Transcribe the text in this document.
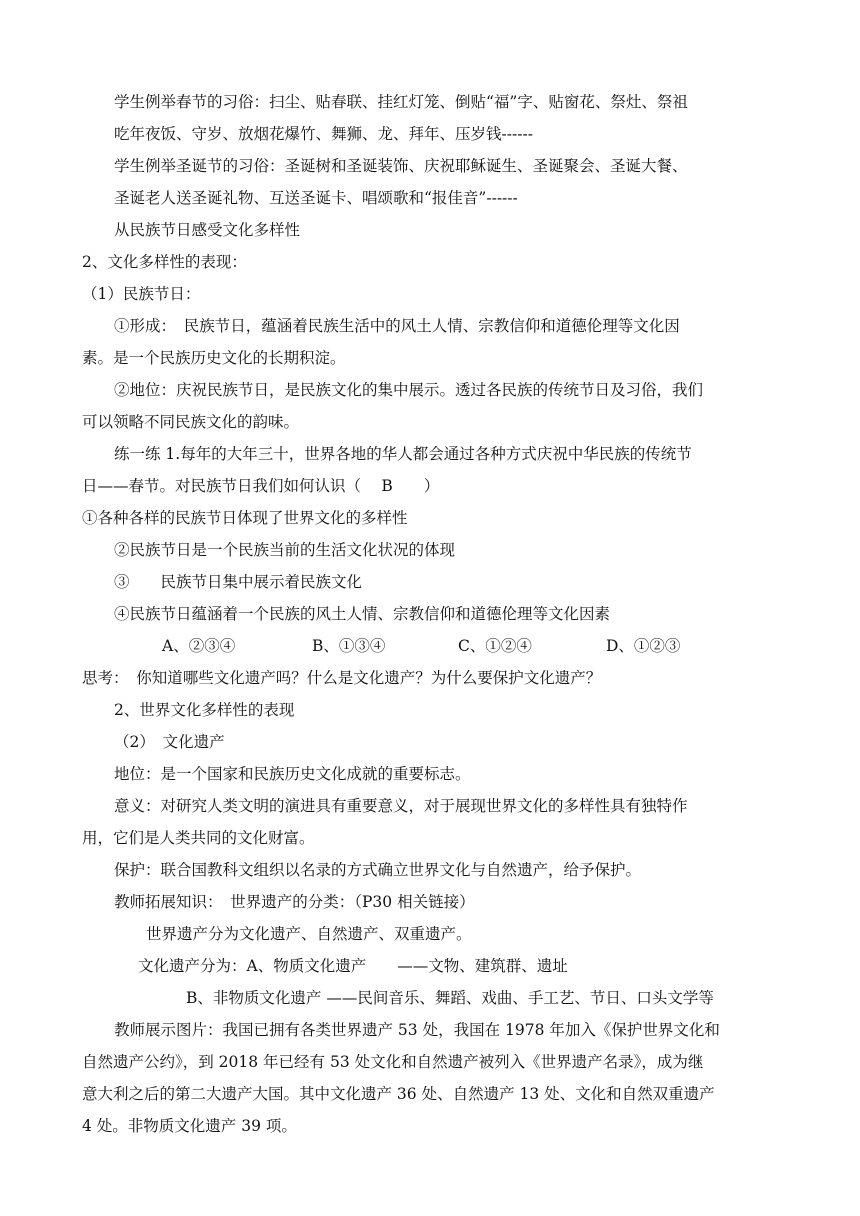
学生例举春节的习俗：扫尘、贴春联、挂红灯笼、倒贴“福”字、贴窗花、祭灶、祭祖
吃年夜饭、守岁、放烟花爆竹、舞狮、龙、拜年、压岁钱------
学生例举圣诞节的习俗：圣诞树和圣诞装饰、庆祝耶稣诞生、圣诞聚会、圣诞大餐、
圣诞老人送圣诞礼物、互送圣诞卡、唱颂歌和“报佳音”------
从民族节日感受文化多样性
2、文化多样性的表现：
（1）民族节日：
①形成：　民族节日，蕴涵着民族生活中的风土人情、宗教信仰和道德伦理等文化因
素。是一个民族历史文化的长期积淀。
②地位：庆祝民族节日，是民族文化的集中展示。透过各民族的传统节日及习俗，我们
可以领略不同民族文化的韵味。
练一练 1.每年的大年三十，世界各地的华人都会通过各种方式庆祝中华民族的传统节
日——春节。对民族节日我们如何认识（　 B　　）
①各种各样的民族节日体现了世界文化的多样性
②民族节日是一个民族当前的生活文化状况的体现
③　　民族节日集中展示着民族文化
④民族节日蕴涵着一个民族的风土人情、宗教信仰和道德伦理等文化因素
A、②③④	B、①③④	C、①②④	D、①②③
思考：　你知道哪些文化遗产吗？什么是文化遗产？为什么要保护文化遗产？
2、世界文化多样性的表现
（2）　文化遗产
地位：是一个国家和民族历史文化成就的重要标志。
意义：对研究人类文明的演进具有重要意义，对于展现世界文化的多样性具有独特作
用，它们是人类共同的文化财富。
保护：联合国教科文组织以名录的方式确立世界文化与自然遗产，给予保护。
教师拓展知识：　世界遗产的分类：（P30 相关链接）
世界遗产分为文化遗产、自然遗产、双重遗产。
文化遗产分为：A、物质文化遗产　　——文物、建筑群、遗址
B、非物质文化遗产 ——民间音乐、舞蹈、戏曲、手工艺、节日、口头文学等
教师展示图片：我国已拥有各类世界遗产 53 处，我国在 1978 年加入《保护世界文化和
自然遗产公约》，到 2018 年已经有 53 处文化和自然遗产被列入《世界遗产名录》，成为继
意大利之后的第二大遗产大国。其中文化遗产 36 处、自然遗产 13 处、文化和自然双重遗产
4 处。非物质文化遗产 39 项。
